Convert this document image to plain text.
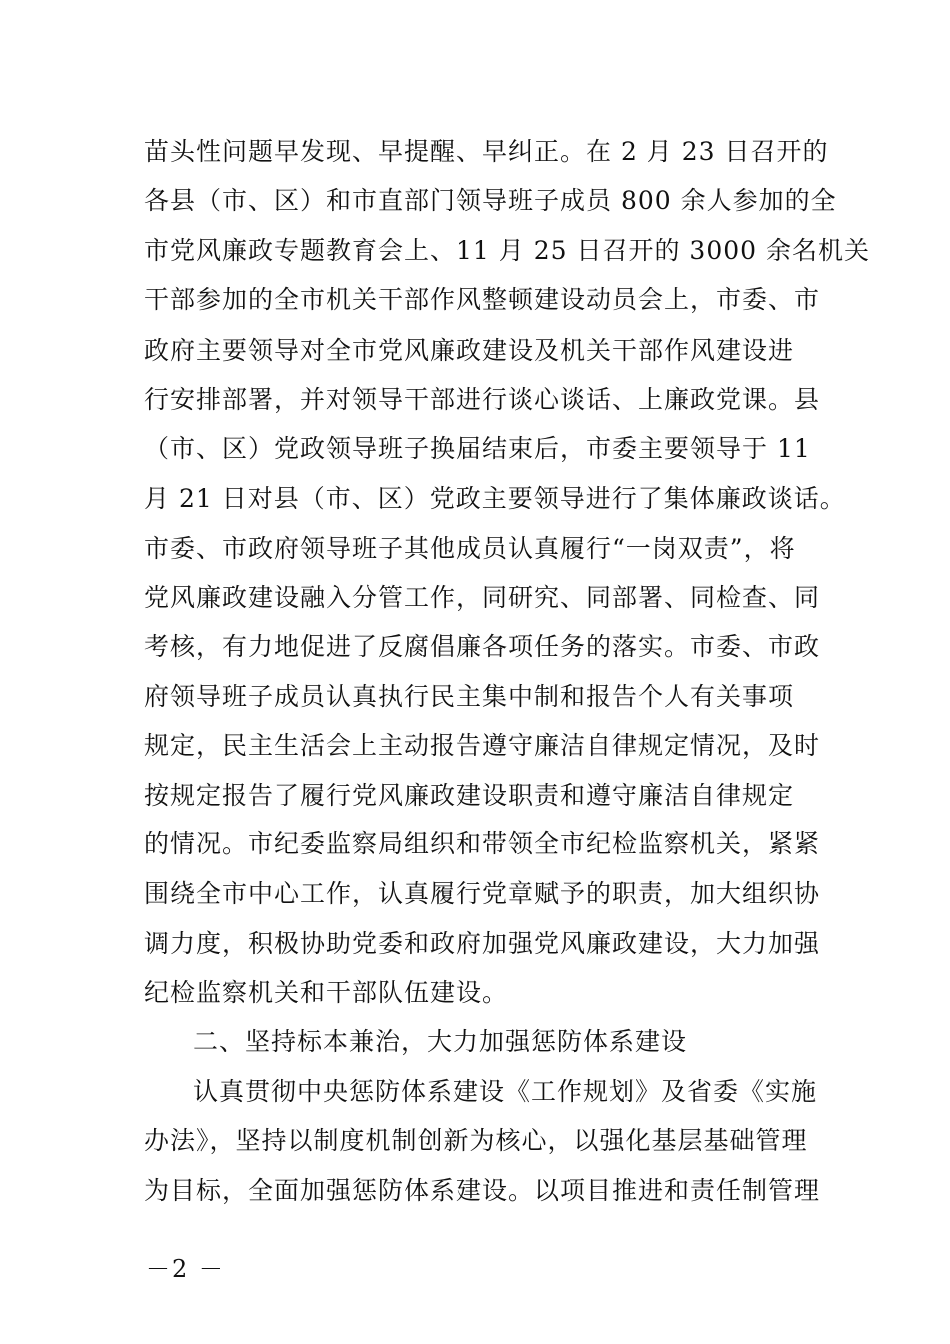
苗头性问题早发现、早提醒、早纠正。在 2 月 23 日召开的
各县（市、区）和市直部门领导班子成员 800 余人参加的全
市党风廉政专题教育会上、11 月 25 日召开的 3000 余名机关
干部参加的全市机关干部作风整顿建设动员会上，市委、市
政府主要领导对全市党风廉政建设及机关干部作风建设进
行安排部署，并对领导干部进行谈心谈话、上廉政党课。县
（市、区）党政领导班子换届结束后，市委主要领导于 11
月 21 日对县（市、区）党政主要领导进行了集体廉政谈话。
市委、市政府领导班子其他成员认真履行“一岗双责”，将
党风廉政建设融入分管工作，同研究、同部署、同检查、同
考核，有力地促进了反腐倡廉各项任务的落实。市委、市政
府领导班子成员认真执行民主集中制和报告个人有关事项
规定，民主生活会上主动报告遵守廉洁自律规定情况，及时
按规定报告了履行党风廉政建设职责和遵守廉洁自律规定
的情况。市纪委监察局组织和带领全市纪检监察机关，紧紧
围绕全市中心工作，认真履行党章赋予的职责，加大组织协
调力度，积极协助党委和政府加强党风廉政建设，大力加强
纪检监察机关和干部队伍建设。
二、坚持标本兼治，大力加强惩防体系建设
认真贯彻中央惩防体系建设《工作规划》及省委《实施
办法》，坚持以制度机制创新为核心，以强化基层基础管理
为目标，全面加强惩防体系建设。以项目推进和责任制管理
－2 －
